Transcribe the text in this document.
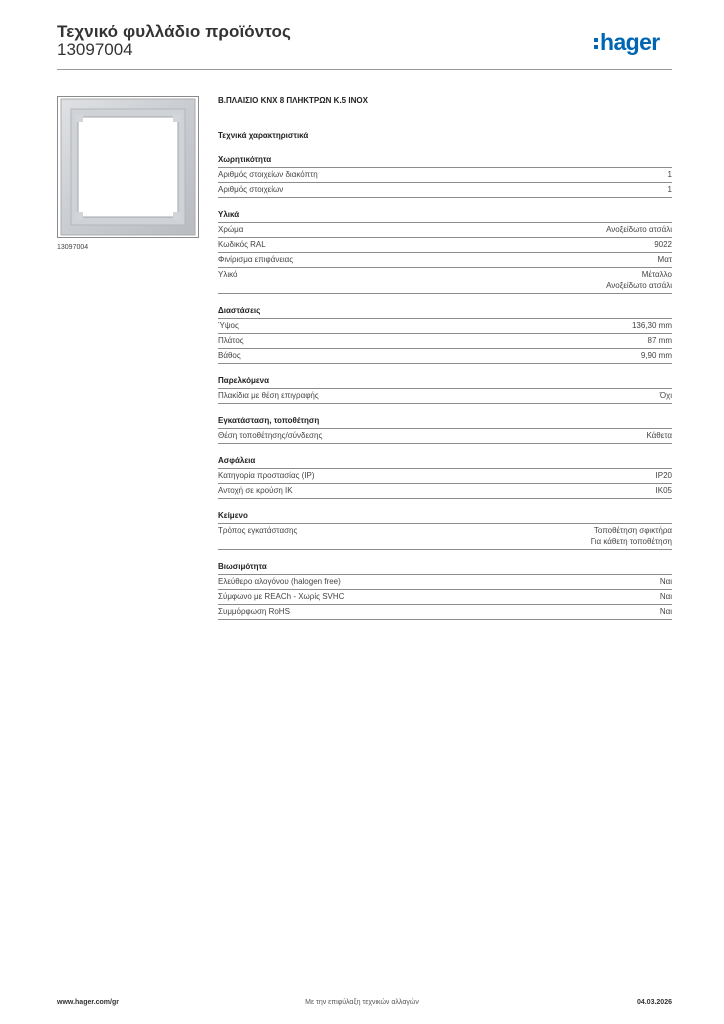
Τεχνικό φυλλάδιο προϊόντος
13097004	hager
13097004
Β.ΠΛΑΙΣΙΟ KNX 8 ΠΛΗΚΤΡΩΝ Κ.5 INOX
Τεχνικά χαρακτηριστικά
Χωρητικότητα
Αριθμός στοιχείων διακόπτη	1
Αριθμός στοιχείων	1
Υλικά
Χρώμα	Ανοξείδωτο ατσάλι
Κωδικός RAL	9022
Φινίρισμα επιφάνειας	Ματ
Υλικό	Μέταλλο
Ανοξείδωτο ατσάλι
Διαστάσεις
Ύψος	136,30 mm
Πλάτος	87 mm
Βάθος	9,90 mm
Παρελκόμενα
Πλακίδια με θέση επιγραφής	Όχι
Εγκατάσταση, τοποθέτηση
Θέση τοποθέτησης/σύνδεσης	Κάθετα
Ασφάλεια
Κατηγορία προστασίας (IP)	IP20
Αντοχή σε κρούση IK	IK05
Κείμενο
Τρόπος εγκατάστασης	Τοποθέτηση σφικτήρα
Για κάθετη τοποθέτηση
Βιωσιμότητα
Ελεύθερο αλογόνου (halogen free)	Ναι
Σύμφωνο με REACh - Χωρίς SVHC	Ναι
Συμμόρφωση RoHS	Ναι
Με την επιφύλαξη τεχνικών αλλαγών
www.hager.com/gr	04.03.2026
